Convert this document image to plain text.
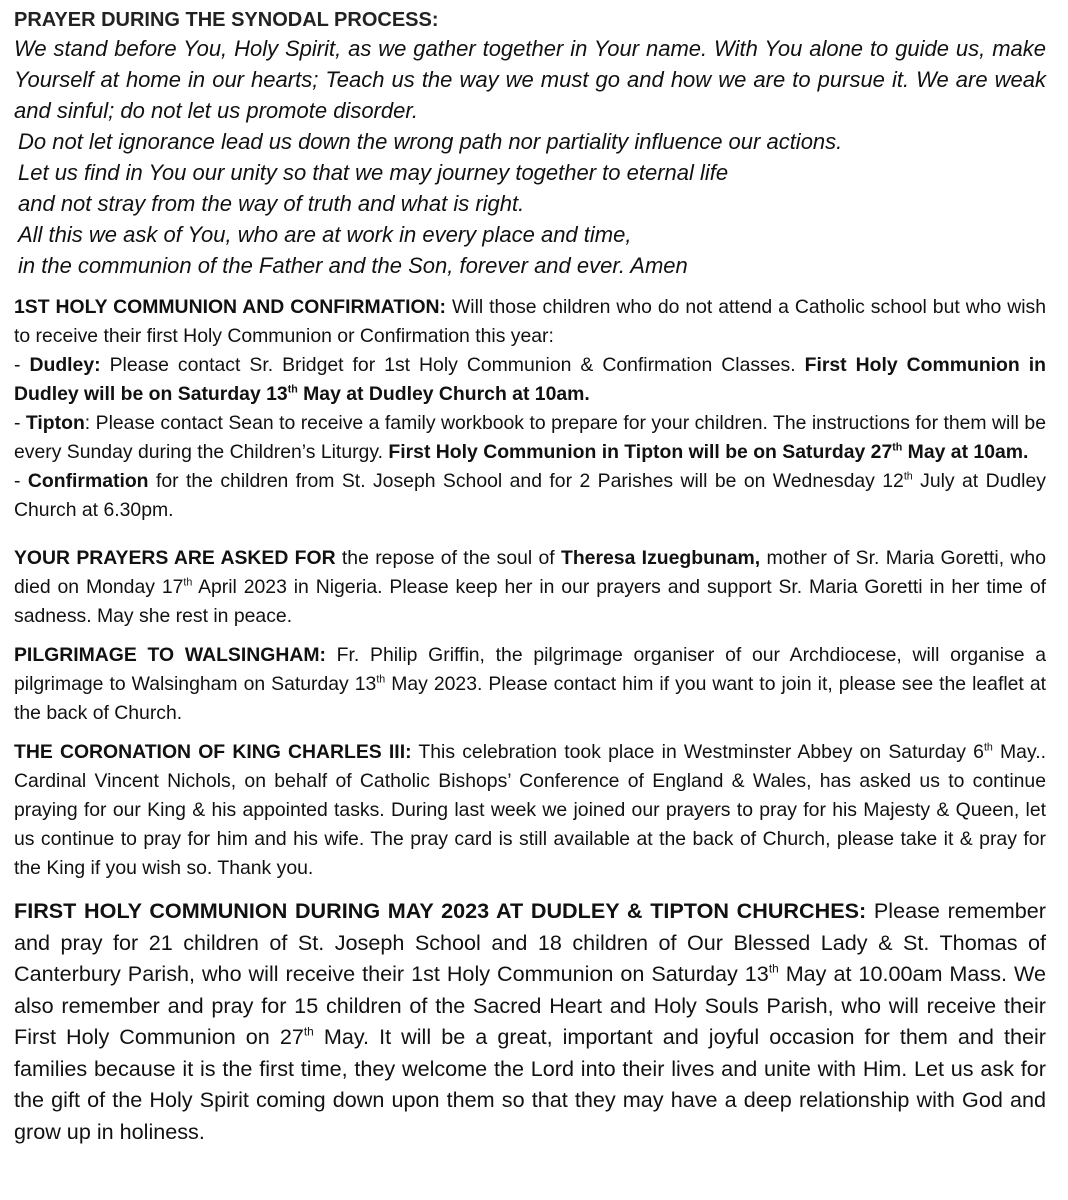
PRAYER DURING THE SYNODAL PROCESS:
We stand before You, Holy Spirit, as we gather together in Your name. With You alone to guide us, make Yourself at home in our hearts; Teach us the way we must go and how we are to pursue it. We are weak and sinful; do not let us promote disorder.
Do not let ignorance lead us down the wrong path nor partiality influence our actions.
Let us find in You our unity so that we may journey together to eternal life
and not stray from the way of truth and what is right.
All this we ask of You, who are at work in every place and time,
in the communion of the Father and the Son, forever and ever. Amen

1ST HOLY COMMUNION AND CONFIRMATION: Will those children who do not attend a Catholic school but who wish to receive their first Holy Communion or Confirmation this year:

- Dudley: Please contact Sr. Bridget for 1st Holy Communion & Confirmation Classes. First Holy Communion in Dudley will be on Saturday 13th May at Dudley Church at 10am.

- Tipton: Please contact Sean to receive a family workbook to prepare for your children. The instructions for them will be every Sunday during the Children’s Liturgy. First Holy Communion in Tipton will be on Saturday 27th May at 10am.

- Confirmation for the children from St. Joseph School and for 2 Parishes will be on Wednesday 12th July at Dudley Church at 6.30pm.

YOUR PRAYERS ARE ASKED FOR the repose of the soul of Theresa Izuegbunam, mother of Sr. Maria Goretti, who died on Monday 17th April 2023 in Nigeria. Please keep her in our prayers and support Sr. Maria Goretti in her time of sadness. May she rest in peace.

PILGRIMAGE TO WALSINGHAM: Fr. Philip Griffin, the pilgrimage organiser of our Archdiocese, will organise a pilgrimage to Walsingham on Saturday 13th May 2023. Please contact him if you want to join it, please see the leaflet at the back of Church.

THE CORONATION OF KING CHARLES III: This celebration took place in Westminster Abbey on Saturday 6th May.. Cardinal Vincent Nichols, on behalf of Catholic Bishops’ Conference of England & Wales, has asked us to continue praying for our King & his appointed tasks. During last week we joined our prayers to pray for his Majesty & Queen, let us continue to pray for him and his wife. The pray card is still available at the back of Church, please take it & pray for the King if you wish so. Thank you.

FIRST HOLY COMMUNION DURING MAY 2023 AT DUDLEY & TIPTON CHURCHES: Please remember and pray for 21 children of St. Joseph School and 18 children of Our Blessed Lady & St. Thomas of Canterbury Parish, who will receive their 1st Holy Communion on Saturday 13th May at 10.00am Mass. We also remember and pray for 15 children of the Sacred Heart and Holy Souls Parish, who will receive their First Holy Communion on 27th May. It will be a great, important and joyful occasion for them and their families because it is the first time, they welcome the Lord into their lives and unite with Him. Let us ask for the gift of the Holy Spirit coming down upon them so that they may have a deep relationship with God and grow up in holiness.
